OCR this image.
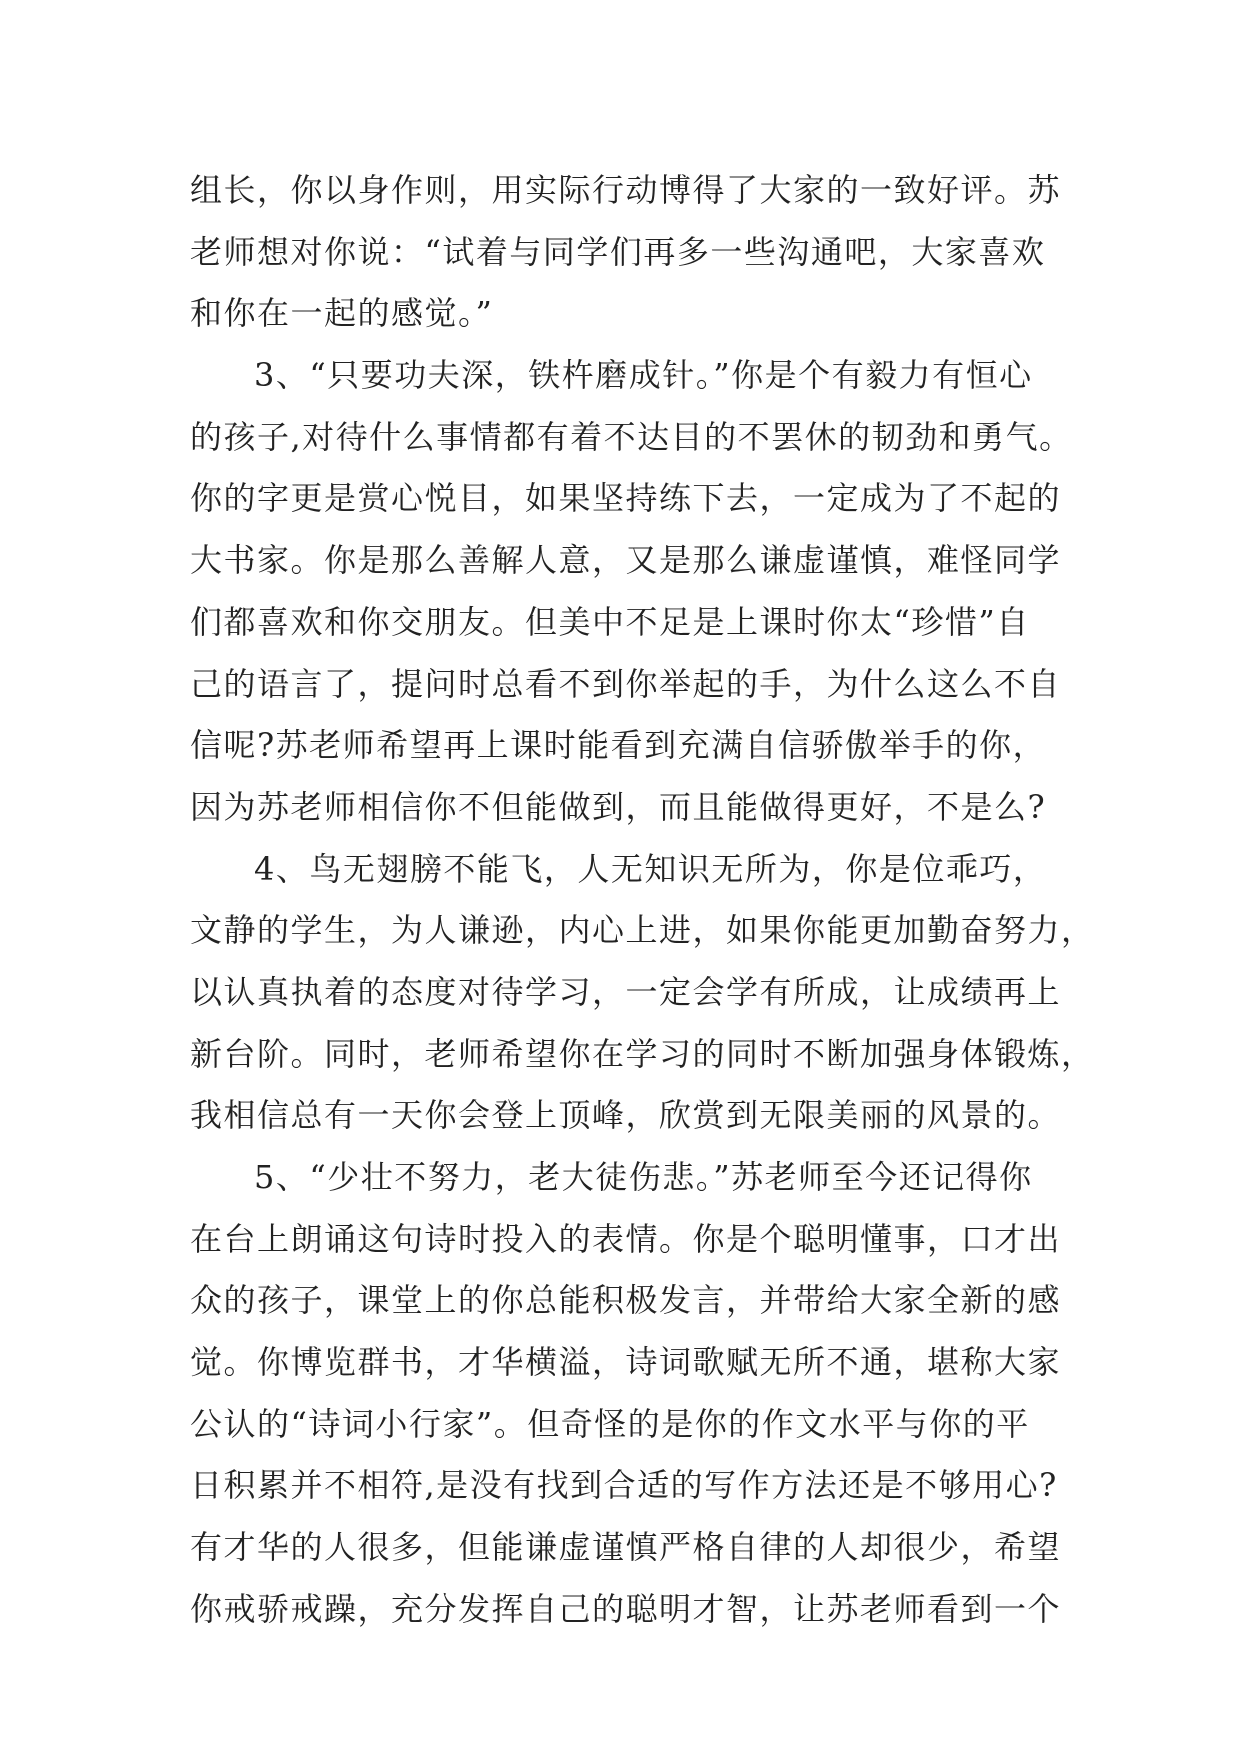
组长，你以身作则，用实际行动博得了大家的一致好评。苏
老师想对你说：“试着与同学们再多一些沟通吧，大家喜欢
和你在一起的感觉。”
3、“只要功夫深，铁杵磨成针。”你是个有毅力有恒心
的孩子,对待什么事情都有着不达目的不罢休的韧劲和勇气。
你的字更是赏心悦目，如果坚持练下去，一定成为了不起的
大书家。你是那么善解人意，又是那么谦虚谨慎，难怪同学
们都喜欢和你交朋友。但美中不足是上课时你太“珍惜”自
己的语言了，提问时总看不到你举起的手，为什么这么不自
信呢?苏老师希望再上课时能看到充满自信骄傲举手的你，
因为苏老师相信你不但能做到，而且能做得更好，不是么?
4、鸟无翅膀不能飞，人无知识无所为，你是位乖巧，
文静的学生，为人谦逊，内心上进，如果你能更加勤奋努力，
以认真执着的态度对待学习，一定会学有所成，让成绩再上
新台阶。同时，老师希望你在学习的同时不断加强身体锻炼，
我相信总有一天你会登上顶峰，欣赏到无限美丽的风景的。
5、“少壮不努力，老大徒伤悲。”苏老师至今还记得你
在台上朗诵这句诗时投入的表情。你是个聪明懂事，口才出
众的孩子，课堂上的你总能积极发言，并带给大家全新的感
觉。你博览群书，才华横溢，诗词歌赋无所不通，堪称大家
公认的“诗词小行家”。但奇怪的是你的作文水平与你的平
日积累并不相符,是没有找到合适的写作方法还是不够用心?
有才华的人很多，但能谦虚谨慎严格自律的人却很少，希望
你戒骄戒躁，充分发挥自己的聪明才智，让苏老师看到一个
